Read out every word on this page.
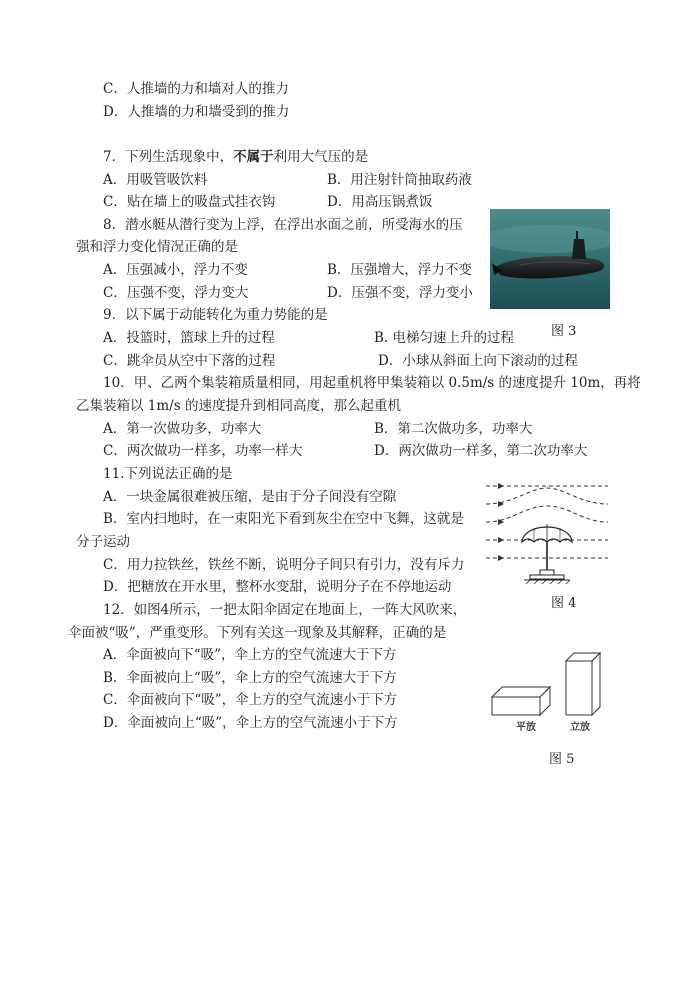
C．人推墙的力和墙对人的推力
D．人推墙的力和墙受到的推力
7．下列生活现象中，不属于利用大气压的是
A．用吸管吸饮料	B．用注射针筒抽取药液
C．贴在墙上的吸盘式挂衣钩	D．用高压锅煮饭
8．潜水艇从潜行变为上浮，在浮出水面之前，所受海水的压
强和浮力变化情况正确的是
A．压强减小，浮力不变	B．压强增大，浮力不变
C．压强不变，浮力变大	D．压强不变，浮力变小
图 3
9．以下属于动能转化为重力势能的是
A．投篮时，篮球上升的过程	B. 电梯匀速上升的过程
C．跳伞员从空中下落的过程	D．小球从斜面上向下滚动的过程
10．甲、乙两个集装箱质量相同，用起重机将甲集装箱以 0.5m/s 的速度提升 10m，再将
乙集装箱以 1m/s 的速度提升到相同高度，那么起重机
A．第一次做功多，功率大	B．第二次做功多，功率大
C．两次做功一样多，功率一样大	D．两次做功一样多，第二次功率大
11.下列说法正确的是
A．一块金属很难被压缩，是由于分子间没有空隙
B．室内扫地时，在一束阳光下看到灰尘在空中飞舞，这就是
分子运动
C．用力拉铁丝，铁丝不断，说明分子间只有引力，没有斥力
D．把糖放在开水里，整杯水变甜，说明分子在不停地运动
图 4
12．如图4所示，一把太阳伞固定在地面上，一阵大风吹来，
伞面被“吸”，严重变形。下列有关这一现象及其解释，正确的是
A．伞面被向下“吸”，伞上方的空气流速大于下方
B．伞面被向上“吸”，伞上方的空气流速大于下方
C．伞面被向下“吸”，伞上方的空气流速小于下方
D．伞面被向上“吸”，伞上方的空气流速小于下方	平放	立放
图 5
